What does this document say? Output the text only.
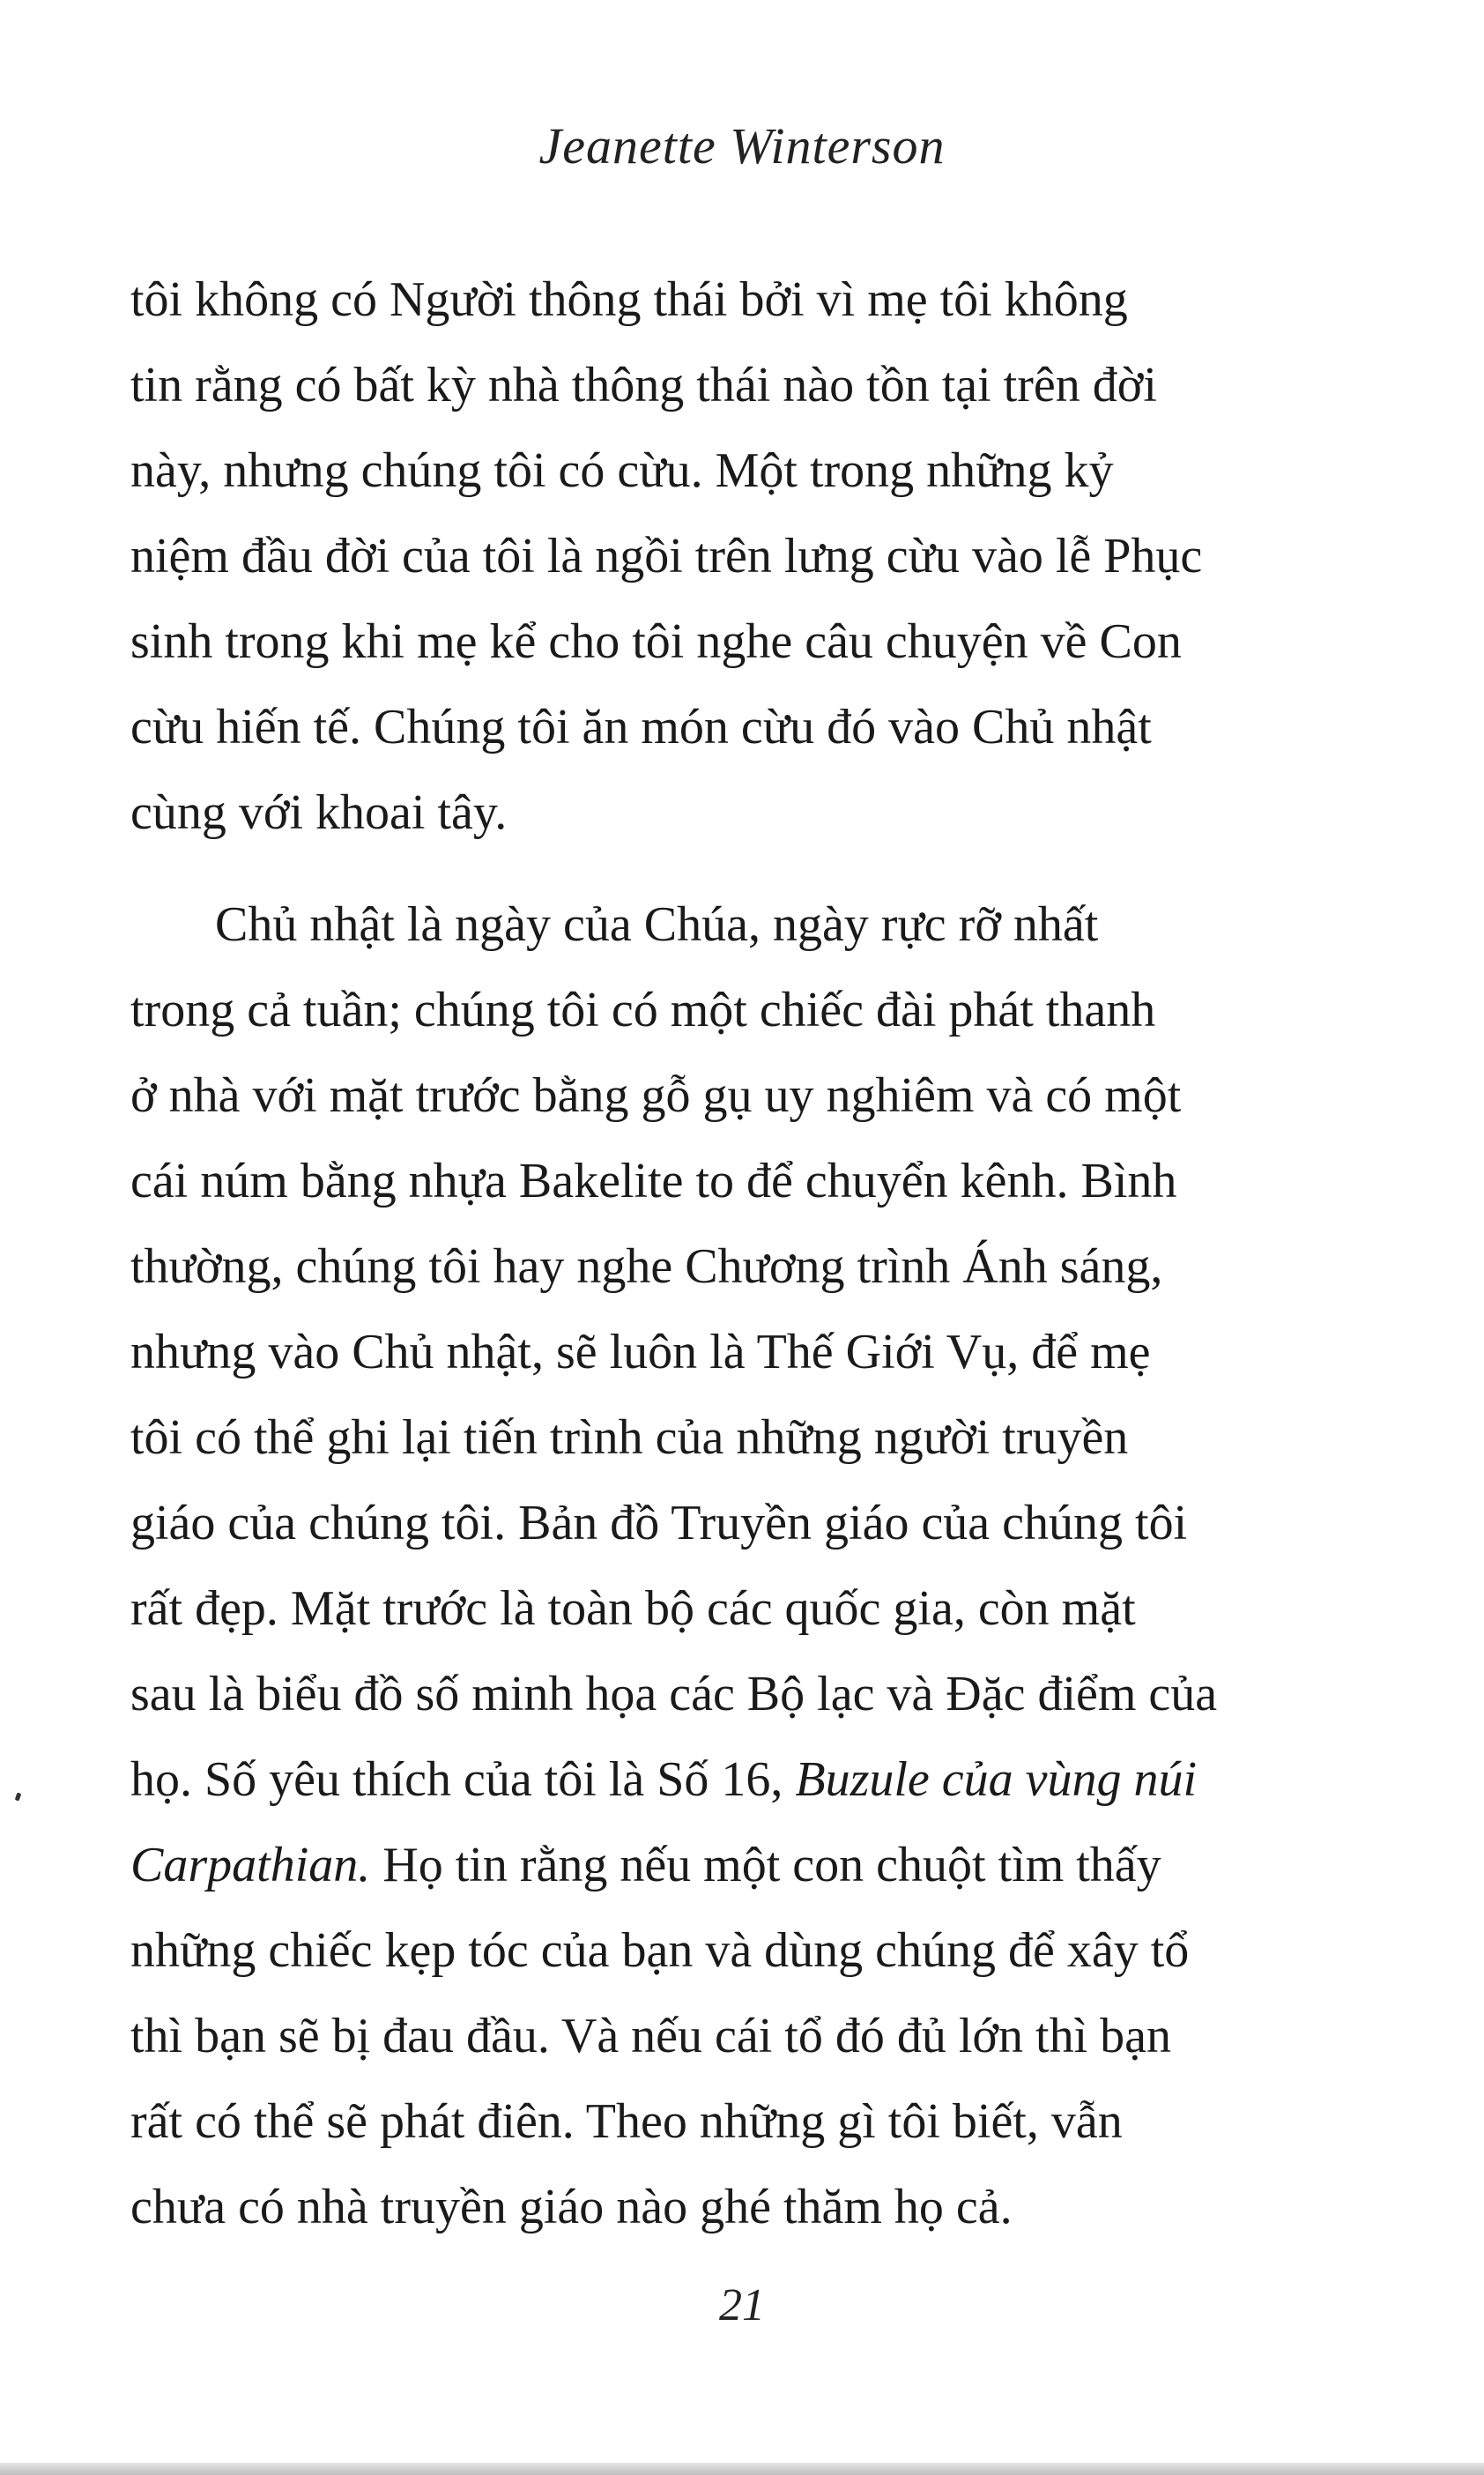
Jeanette Winterson
tôi không có Người thông thái bởi vì mẹ tôi không
tin rằng có bất kỳ nhà thông thái nào tồn tại trên đời
này, nhưng chúng tôi có cừu. Một trong những kỷ
niệm đầu đời của tôi là ngồi trên lưng cừu vào lễ Phục
sinh trong khi mẹ kể cho tôi nghe câu chuyện về Con
cừu hiến tế. Chúng tôi ăn món cừu đó vào Chủ nhật
cùng với khoai tây.
Chủ nhật là ngày của Chúa, ngày rực rỡ nhất
trong cả tuần; chúng tôi có một chiếc đài phát thanh
ở nhà với mặt trước bằng gỗ gụ uy nghiêm và có một
cái núm bằng nhựa Bakelite to để chuyển kênh. Bình
thường, chúng tôi hay nghe Chương trình Ánh sáng,
nhưng vào Chủ nhật, sẽ luôn là Thế Giới Vụ, để mẹ
tôi có thể ghi lại tiến trình của những người truyền
giáo của chúng tôi. Bản đồ Truyền giáo của chúng tôi
rất đẹp. Mặt trước là toàn bộ các quốc gia, còn mặt
sau là biểu đồ số minh họa các Bộ lạc và Đặc điểm của
họ. Số yêu thích của tôi là Số 16, Buzule của vùng núi
Carpathian. Họ tin rằng nếu một con chuột tìm thấy
những chiếc kẹp tóc của bạn và dùng chúng để xây tổ
thì bạn sẽ bị đau đầu. Và nếu cái tổ đó đủ lớn thì bạn
rất có thể sẽ phát điên. Theo những gì tôi biết, vẫn
chưa có nhà truyền giáo nào ghé thăm họ cả.
21
